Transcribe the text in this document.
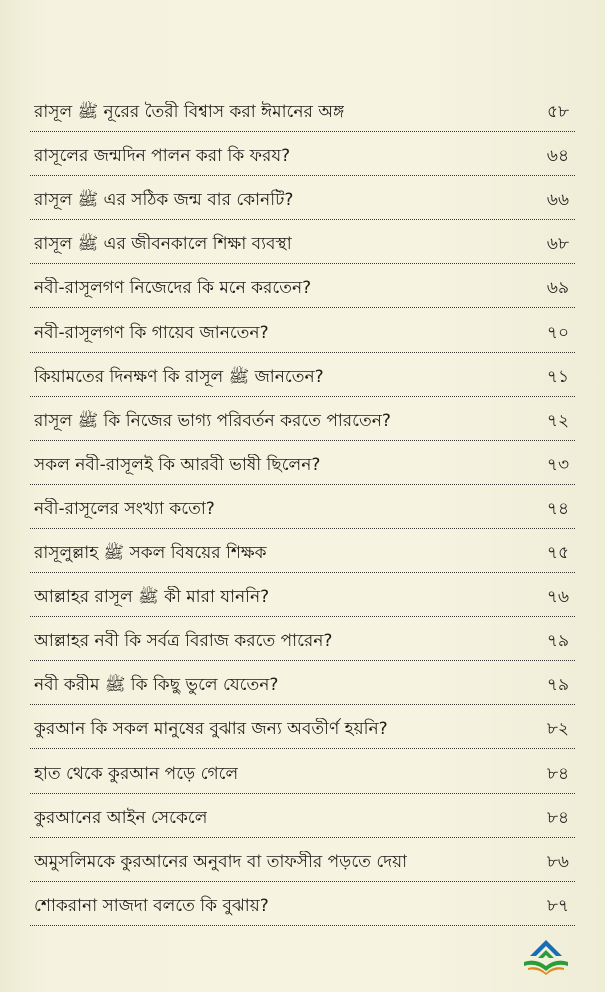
রাসূল ﷺ নূরের তৈরী বিশ্বাস করা ঈমানের অঙ্গ	৫৮
রাসূলের জন্মদিন পালন করা কি ফরয?	৬৪
রাসূল ﷺ এর সঠিক জন্ম বার কোনটি?	৬৬
রাসূল ﷺ এর জীবনকালে শিক্ষা ব্যবস্থা	৬৮
নবী-রাসূলগণ নিজেদের কি মনে করতেন?	৬৯
নবী-রাসূলগণ কি গায়েব জানতেন?	৭০
কিয়ামতের দিনক্ষণ কি রাসূল ﷺ জানতেন?	৭১
রাসূল ﷺ কি নিজের ভাগ্য পরিবর্তন করতে পারতেন?	৭২
সকল নবী-রাসূলই কি আরবী ভাষী ছিলেন?	৭৩
নবী-রাসূলের সংখ্যা কতো?	৭৪
রাসূলুল্লাহ ﷺ সকল বিষয়ের শিক্ষক	৭৫
আল্লাহর রাসূল ﷺ কী মারা যাননি?	৭৬
আল্লাহর নবী কি সর্বত্র বিরাজ করতে পারেন?	৭৯
নবী করীম ﷺ কি কিছু ভুলে যেতেন?	৭৯
কুরআন কি সকল মানুষের বুঝার জন্য অবতীর্ণ হয়নি?	৮২
হাত থেকে কুরআন পড়ে গেলে	৮৪
কুরআনের আইন সেকেলে	৮৪
অমুসলিমকে কুরআনের অনুবাদ বা তাফসীর পড়তে দেয়া	৮৬
শোকরানা সাজদা বলতে কি বুঝায়?	৮৭
